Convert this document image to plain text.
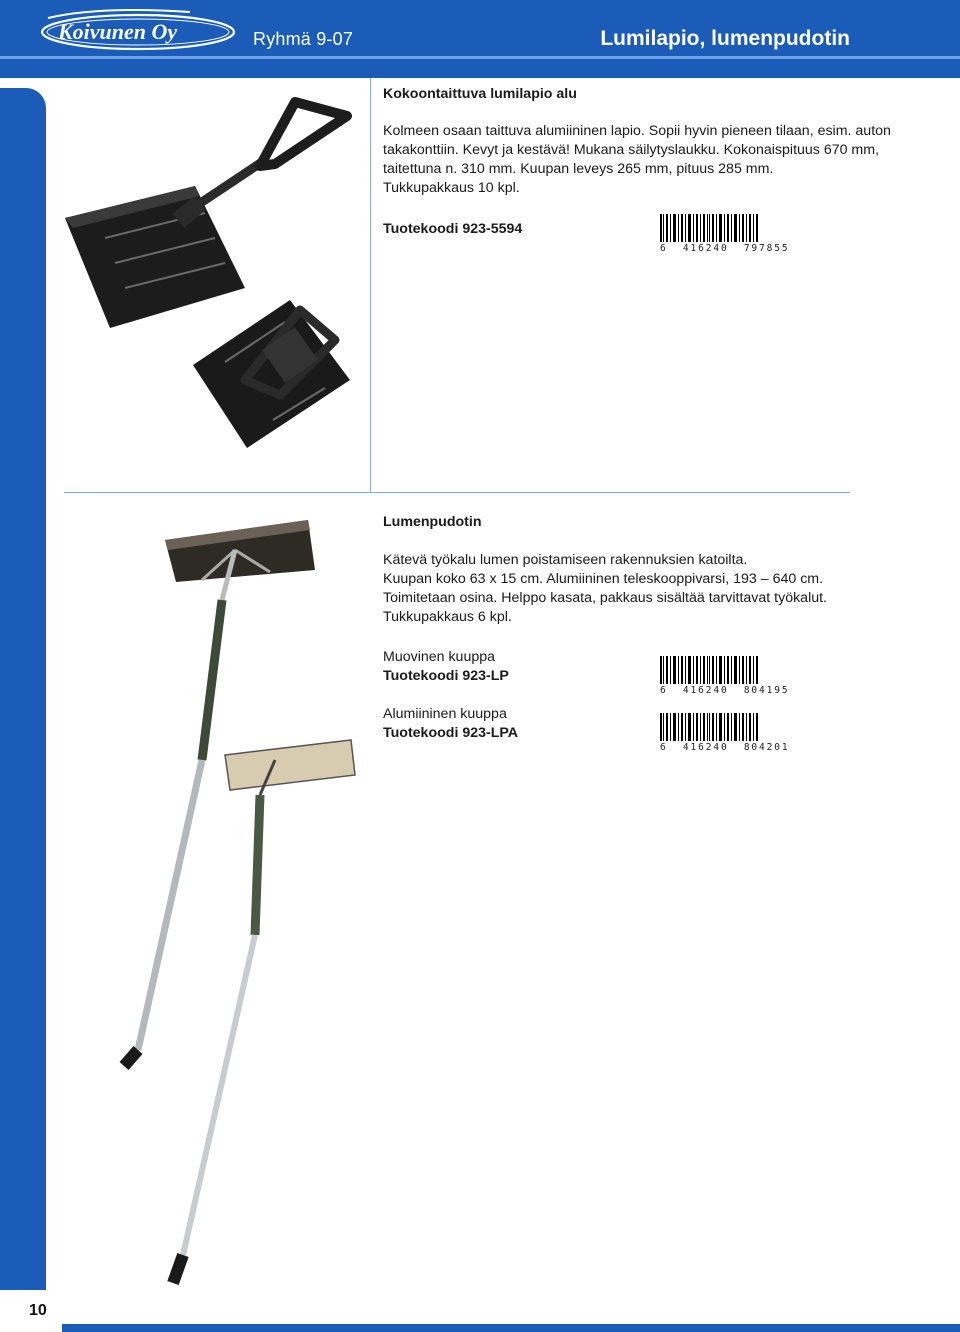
Koivunen Oy	Ryhmä 9-07	Lumilapio, lumenpudotin
10
Kokoontaittuva lumilapio alu
Kolmeen osaan taittuva alumiininen lapio. Sopii hyvin pieneen tilaan, esim. auton
takakonttiin. Kevyt ja kestävä! Mukana säilytyslaukku. Kokonaispituus 670 mm,
taitettuna n. 310 mm. Kuupan leveys 265 mm, pituus 285 mm.
Tukkupakkaus 10 kpl.
Tuotekoodi 923-5594
6  416240  797855
Lumenpudotin
Kätevä työkalu lumen poistamiseen rakennuksien katoilta.
Kuupan koko 63 x 15 cm. Alumiininen teleskooppivarsi, 193 – 640 cm.
Toimitetaan osina. Helppo kasata, pakkaus sisältää tarvittavat työkalut.
Tukkupakkaus 6 kpl.
Muovinen kuuppa
Tuotekoodi 923-LP
6  416240  804195
Alumiininen kuuppa
Tuotekoodi 923-LPA
6  416240  804201
